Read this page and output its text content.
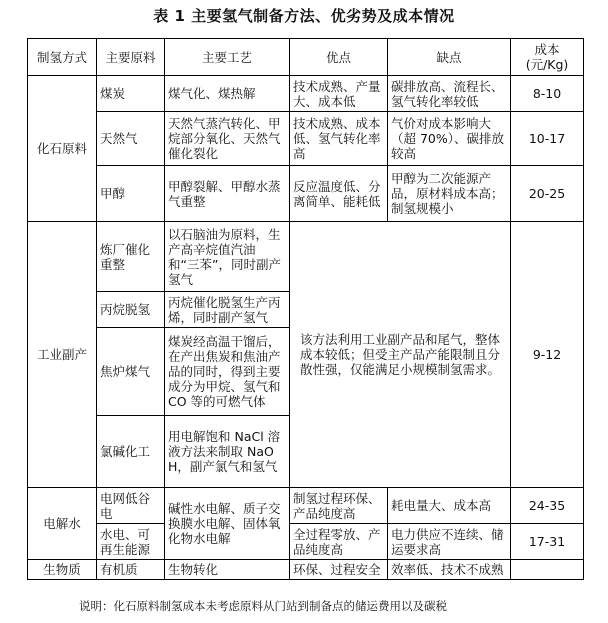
表 1 主要氢气制备方法、优劣势及成本情况
制氢方式	主要原料	主要工艺	优点	缺点	成本
(元/Kg)
化石原料	煤炭	煤气化、煤热解	技术成熟、产量大、成本低	碳排放高、流程长、氢气转化率较低	8-10
	天然气	天然气蒸汽转化、甲烷部分氧化、天然气催化裂化	技术成熟、成本低、氢气转化率高	气价对成本影响大（超 70%）、碳排放较高	10-17
	甲醇	甲醇裂解、甲醇水蒸气重整	反应温度低、分离简单、能耗低	甲醇为二次能源产品，原材料成本高；制氢规模小	20-25
工业副产	炼厂催化重整	以石脑油为原料，生产高辛烷值汽油和“三苯”，同时副产氢气	该方法利用工业副产品和尾气，整体成本较低；但受主产品产能限制且分散性强，仅能满足小规模制氢需求。		9-12
	丙烷脱氢	丙烷催化脱氢生产丙烯，同时副产氢气			
	焦炉煤气	煤炭经高温干馏后，在产出焦炭和焦油产品的同时，得到主要成分为甲烷、氢气和 CO 等的可燃气体			
	氯碱化工	用电解饱和 NaCl 溶液方法来制取 NaOH，副产氯气和氢气			
电解水	电网低谷电	碱性水电解、质子交换膜水电解、固体氧化物水电解	制氢过程环保、产品纯度高	耗电量大、成本高	24-35
	水电、可再生能源		全过程零放、产品纯度高	电力供应不连续、储运要求高	17-31
生物质	有机质	生物转化	环保、过程安全	效率低、技术不成熟	
说明：化石原料制氢成本未考虑原料从门站到制备点的储运费用以及碳税
